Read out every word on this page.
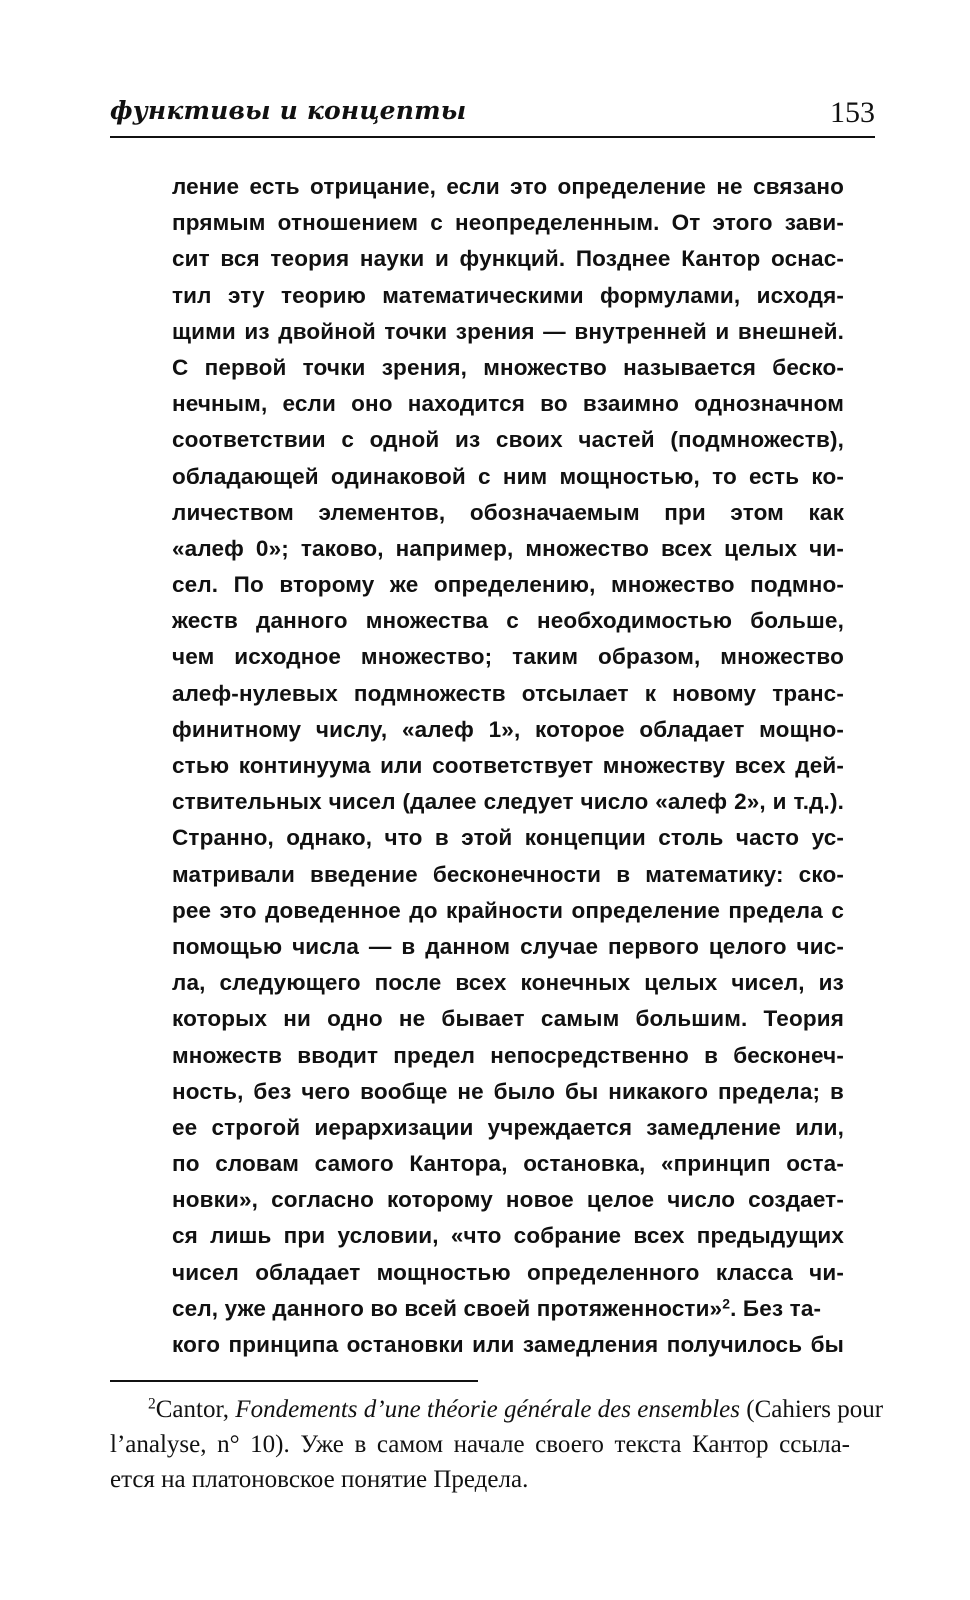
функтивы и концепты	153
ление есть отрицание, если это определение не связано
прямым отношением с неопределенным. От этого зави-
сит вся теория науки и функций. Позднее Кантор оснас-
тил эту теорию математическими формулами, исходя-
щими из двойной точки зрения — внутренней и внешней.
С первой точки зрения, множество называется беско-
нечным, если оно находится во взаимно однозначном
соответствии с одной из своих частей (подмножеств),
обладающей одинаковой с ним мощностью, то есть ко-
личеством элементов, обозначаемым при этом как
«алеф 0»; таково, например, множество всех целых чи-
сел. По второму же определению, множество подмно-
жеств данного множества с необходимостью больше,
чем исходное множество; таким образом, множество
алеф-нулевых подмножеств отсылает к новому транс-
финитному числу, «алеф 1», которое обладает мощно-
стью континуума или соответствует множеству всех дей-
ствительных чисел (далее следует число «алеф 2», и т.д.).
Странно, однако, что в этой концепции столь часто ус-
матривали введение бесконечности в математику: ско-
рее это доведенное до крайности определение предела с
помощью числа — в данном случае первого целого чис-
ла, следующего после всех конечных целых чисел, из
которых ни одно не бывает самым большим. Теория
множеств вводит предел непосредственно в бесконеч-
ность, без чего вообще не было бы никакого предела; в
ее строгой иерархизации учреждается замедление или,
по словам самого Кантора, остановка, «принцип оста-
новки», согласно которому новое целое число создает-
ся лишь при условии, «что собрание всех предыдущих
чисел обладает мощностью определенного класса чи-
сел, уже данного во всей своей протяженности»$^2$. Без та-
кого принципа остановки или замедления получилось бы
$^2$Cantor, Fondements d’une théorie générale des ensembles (Cahiers pour
l’analyse, n° 10). Уже в самом начале своего текста Кантор ссыла-
ется на платоновское понятие Предела.
